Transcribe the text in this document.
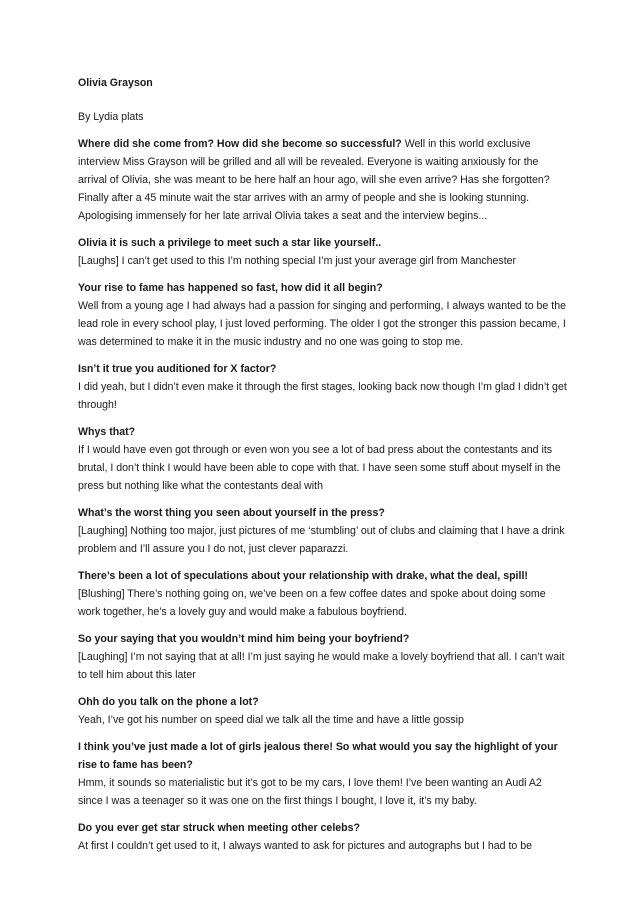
Olivia Grayson
By Lydia plats
Where did she come from? How did she become so successful? Well in this world exclusive interview Miss Grayson will be grilled and all will be revealed. Everyone is waiting anxiously for the arrival of Olivia, she was meant to be here half an hour ago, will she even arrive? Has she forgotten? Finally after a 45 minute wait the star arrives with an army of people and she is looking stunning. Apologising immensely for her late arrival Olivia takes a seat and the interview begins...
Olivia it is such a privilege to meet such a star like yourself..
[Laughs] I can’t get used to this I’m nothing special I’m just your average girl from Manchester
Your rise to fame has happened so fast, how did it all begin?
Well from a young age I had always had a passion for singing and performing, I always wanted to be the lead role in every school play, I just loved performing. The older I got the stronger this passion became, I was determined to make it in the music industry and no one was going to stop me.
Isn’t it true you auditioned for X factor?
I did yeah, but I didn’t even make it through the first stages, looking back now though I’m glad I didn’t get through!
Whys that?
If I would have even got through or even won you see a lot of bad press about the contestants and its brutal, I don’t think I would have been able to cope with that. I have seen some stuff about myself in the press but nothing like what the contestants deal with
What’s the worst thing you seen about yourself in the press?
[Laughing] Nothing too major, just pictures of me ‘stumbling’ out of clubs and claiming that I have a drink problem and I’ll assure you I do not, just clever paparazzi.
There’s been a lot of speculations about your relationship with drake, what the deal, spill!
[Blushing] There’s nothing going on, we’ve been on a few coffee dates and spoke about doing some work together, he’s a lovely guy and would make a fabulous boyfriend.
So your saying that you wouldn’t mind him being your boyfriend?
[Laughing] I’m not saying that at all! I’m just saying he would make a lovely boyfriend that all. I can’t wait to tell him about this later
Ohh do you talk on the phone a lot?
Yeah, I’ve got his number on speed dial we talk all the time and have a little gossip
I think you’ve just made a lot of girls jealous there! So what would you say the highlight of your rise to fame has been?
Hmm, it sounds so materialistic but it’s got to be my cars, I love them! I’ve been wanting an Audi A2 since I was a teenager so it was one on the first things I bought, I love it, it’s my baby.
Do you ever get star struck when meeting other celebs?
At first I couldn’t get used to it, I always wanted to ask for pictures and autographs but I had to be
